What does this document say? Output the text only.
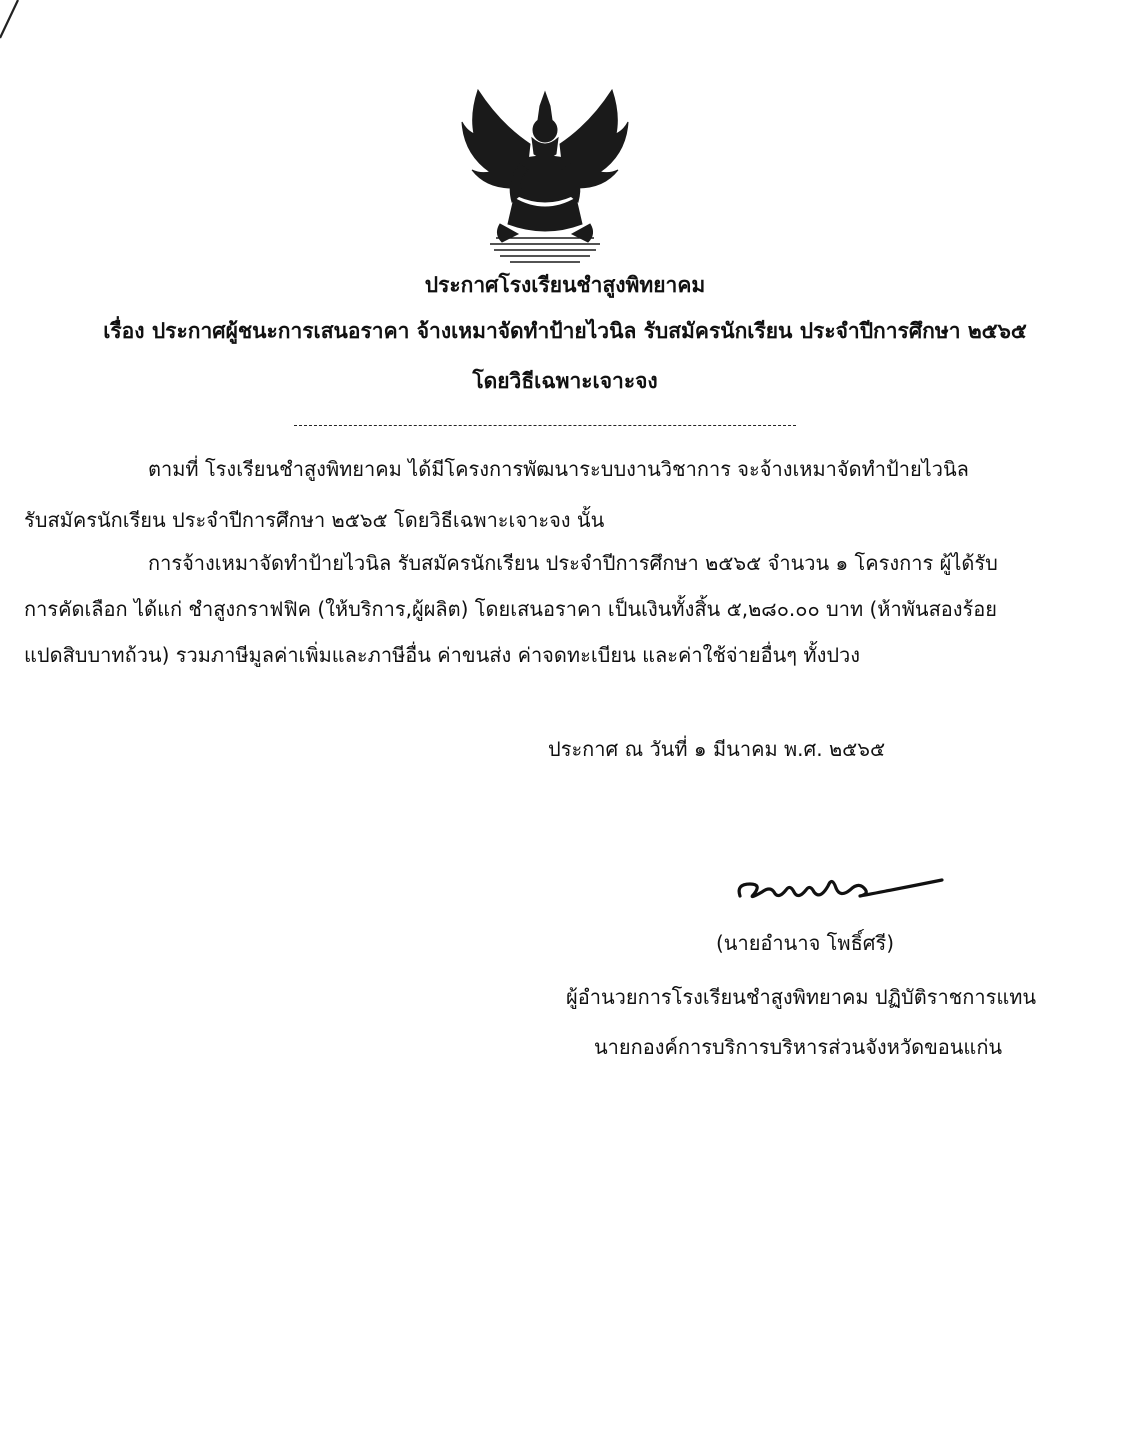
ประกาศโรงเรียนชำสูงพิทยาคม
เรื่อง ประกาศผู้ชนะการเสนอราคา จ้างเหมาจัดทำป้ายไวนิล รับสมัครนักเรียน ประจำปีการศึกษา ๒๕๖๕
โดยวิธีเฉพาะเจาะจง
ตามที่ โรงเรียนชำสูงพิทยาคม ได้มีโครงการพัฒนาระบบงานวิชาการ จะจ้างเหมาจัดทำป้ายไวนิล
รับสมัครนักเรียน ประจำปีการศึกษา ๒๕๖๕ โดยวิธีเฉพาะเจาะจง นั้น
การจ้างเหมาจัดทำป้ายไวนิล รับสมัครนักเรียน ประจำปีการศึกษา ๒๕๖๕ จำนวน ๑ โครงการ ผู้ได้รับ
การคัดเลือก ได้แก่ ชำสูงกราฟฟิค (ให้บริการ,ผู้ผลิต) โดยเสนอราคา เป็นเงินทั้งสิ้น ๕,๒๘๐.๐๐ บาท (ห้าพันสองร้อย
แปดสิบบาทถ้วน) รวมภาษีมูลค่าเพิ่มและภาษีอื่น ค่าขนส่ง ค่าจดทะเบียน และค่าใช้จ่ายอื่นๆ ทั้งปวง
ประกาศ ณ วันที่ ๑ มีนาคม พ.ศ. ๒๕๖๕
(นายอำนาจ โพธิ์ศรี)
ผู้อำนวยการโรงเรียนชำสูงพิทยาคม ปฏิบัติราชการแทน
นายกองค์การบริการบริหารส่วนจังหวัดขอนแก่น
